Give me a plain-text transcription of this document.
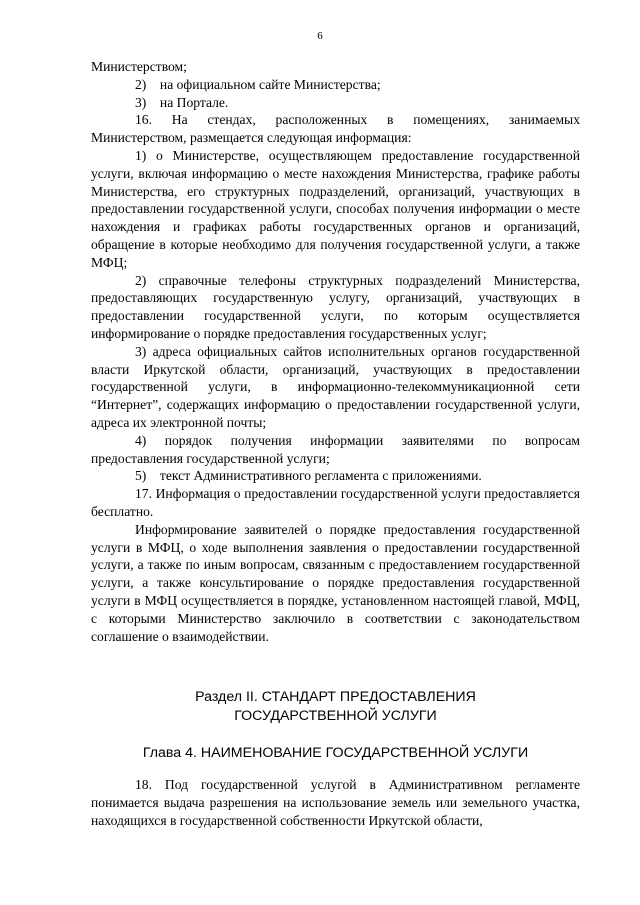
6

Министерством;

2) на официальном сайте Министерства;

3) на Портале.

16. На стендах, расположенных в помещениях, занимаемых Министерством, размещается следующая информация:

1) о Министерстве, осуществляющем предоставление государственной услуги, включая информацию о месте нахождения Министерства, графике работы Министерства, его структурных подразделений, организаций, участвующих в предоставлении государственной услуги, способах получения информации о месте нахождения и графиках работы государственных органов и организаций, обращение в которые необходимо для получения государственной услуги, а также МФЦ;

2) справочные телефоны структурных подразделений Министерства, предоставляющих государственную услугу, организаций, участвующих в предоставлении государственной услуги, по которым осуществляется информирование о порядке предоставления государственных услуг;

3) адреса официальных сайтов исполнительных органов государственной власти Иркутской области, организаций, участвующих в предоставлении государственной услуги, в информационно-телекоммуникационной сети “Интернет”, содержащих информацию о предоставлении государственной услуги, адреса их электронной почты;

4) порядок получения информации заявителями по вопросам предоставления государственной услуги;

5) текст Административного регламента с приложениями.

17. Информация о предоставлении государственной услуги предоставляется бесплатно.

Информирование заявителей о порядке предоставления государственной услуги в МФЦ, о ходе выполнения заявления о предоставлении государственной услуги, а также по иным вопросам, связанным с предоставлением государственной услуги, а также консультирование о порядке предоставления государственной услуги в МФЦ осуществляется в порядке, установленном настоящей главой, МФЦ, с которыми Министерство заключило в соответствии с законодательством соглашение о взаимодействии.

Раздел II. СТАНДАРТ ПРЕДОСТАВЛЕНИЯ
ГОСУДАРСТВЕННОЙ УСЛУГИ
Глава 4. НАИМЕНОВАНИЕ ГОСУДАРСТВЕННОЙ УСЛУГИ

18. Под государственной услугой в Административном регламенте понимается выдача разрешения на использование земель или земельного участка, находящихся в государственной собственности Иркутской области,
